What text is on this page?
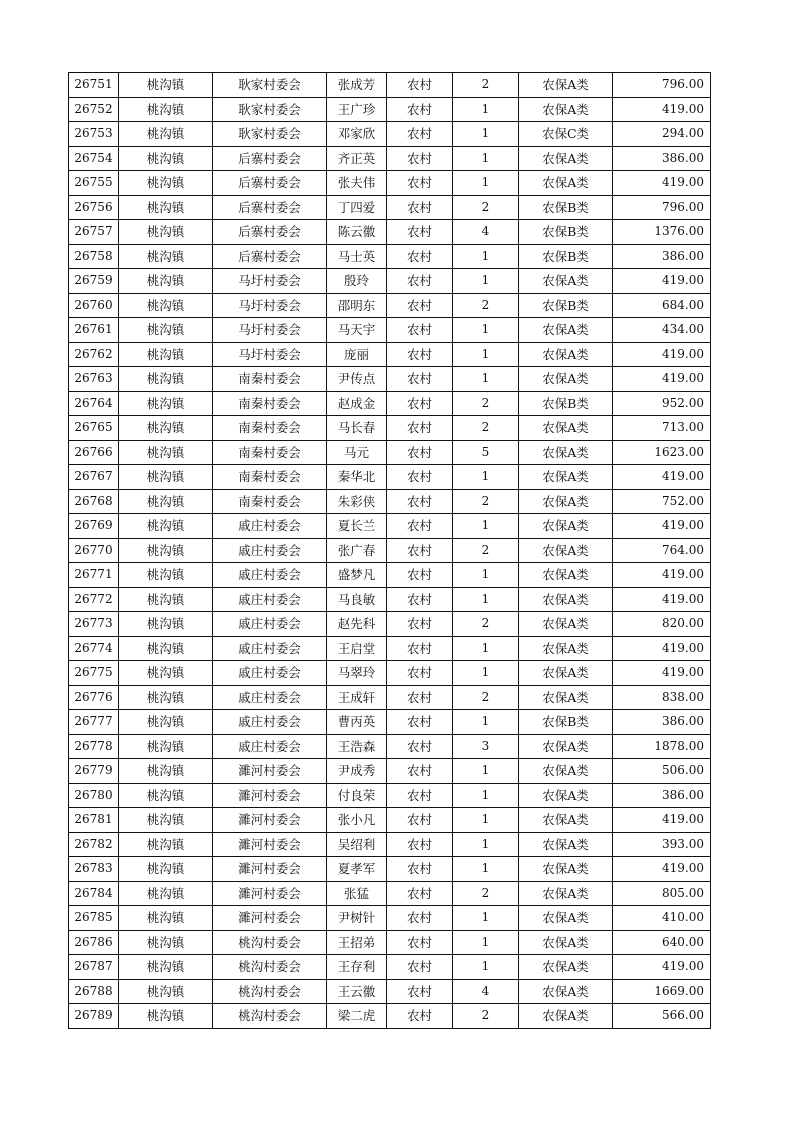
26751	桃沟镇	耿家村委会	张成芳	农村	2	农保A类	796.00
26752	桃沟镇	耿家村委会	王广珍	农村	1	农保A类	419.00
26753	桃沟镇	耿家村委会	邓家欣	农村	1	农保C类	294.00
26754	桃沟镇	后寨村委会	齐正英	农村	1	农保A类	386.00
26755	桃沟镇	后寨村委会	张夫伟	农村	1	农保A类	419.00
26756	桃沟镇	后寨村委会	丁四爱	农村	2	农保B类	796.00
26757	桃沟镇	后寨村委会	陈云徽	农村	4	农保B类	1376.00
26758	桃沟镇	后寨村委会	马士英	农村	1	农保B类	386.00
26759	桃沟镇	马圩村委会	殷玲	农村	1	农保A类	419.00
26760	桃沟镇	马圩村委会	邵明东	农村	2	农保B类	684.00
26761	桃沟镇	马圩村委会	马天宇	农村	1	农保A类	434.00
26762	桃沟镇	马圩村委会	庞丽	农村	1	农保A类	419.00
26763	桃沟镇	南秦村委会	尹传点	农村	1	农保A类	419.00
26764	桃沟镇	南秦村委会	赵成金	农村	2	农保B类	952.00
26765	桃沟镇	南秦村委会	马长春	农村	2	农保A类	713.00
26766	桃沟镇	南秦村委会	马元	农村	5	农保A类	1623.00
26767	桃沟镇	南秦村委会	秦华北	农村	1	农保A类	419.00
26768	桃沟镇	南秦村委会	朱彩侠	农村	2	农保A类	752.00
26769	桃沟镇	戚庄村委会	夏长兰	农村	1	农保A类	419.00
26770	桃沟镇	戚庄村委会	张广春	农村	2	农保A类	764.00
26771	桃沟镇	戚庄村委会	盛梦凡	农村	1	农保A类	419.00
26772	桃沟镇	戚庄村委会	马良敏	农村	1	农保A类	419.00
26773	桃沟镇	戚庄村委会	赵先科	农村	2	农保A类	820.00
26774	桃沟镇	戚庄村委会	王启堂	农村	1	农保A类	419.00
26775	桃沟镇	戚庄村委会	马翠玲	农村	1	农保A类	419.00
26776	桃沟镇	戚庄村委会	王成轩	农村	2	农保A类	838.00
26777	桃沟镇	戚庄村委会	曹丙英	农村	1	农保B类	386.00
26778	桃沟镇	戚庄村委会	王浩森	农村	3	农保A类	1878.00
26779	桃沟镇	濉河村委会	尹成秀	农村	1	农保A类	506.00
26780	桃沟镇	濉河村委会	付良荣	农村	1	农保A类	386.00
26781	桃沟镇	濉河村委会	张小凡	农村	1	农保A类	419.00
26782	桃沟镇	濉河村委会	吴绍利	农村	1	农保A类	393.00
26783	桃沟镇	濉河村委会	夏孝军	农村	1	农保A类	419.00
26784	桃沟镇	濉河村委会	张猛	农村	2	农保A类	805.00
26785	桃沟镇	濉河村委会	尹树针	农村	1	农保A类	410.00
26786	桃沟镇	桃沟村委会	王招弟	农村	1	农保A类	640.00
26787	桃沟镇	桃沟村委会	王存利	农村	1	农保A类	419.00
26788	桃沟镇	桃沟村委会	王云徽	农村	4	农保A类	1669.00
26789	桃沟镇	桃沟村委会	梁二虎	农村	2	农保A类	566.00
